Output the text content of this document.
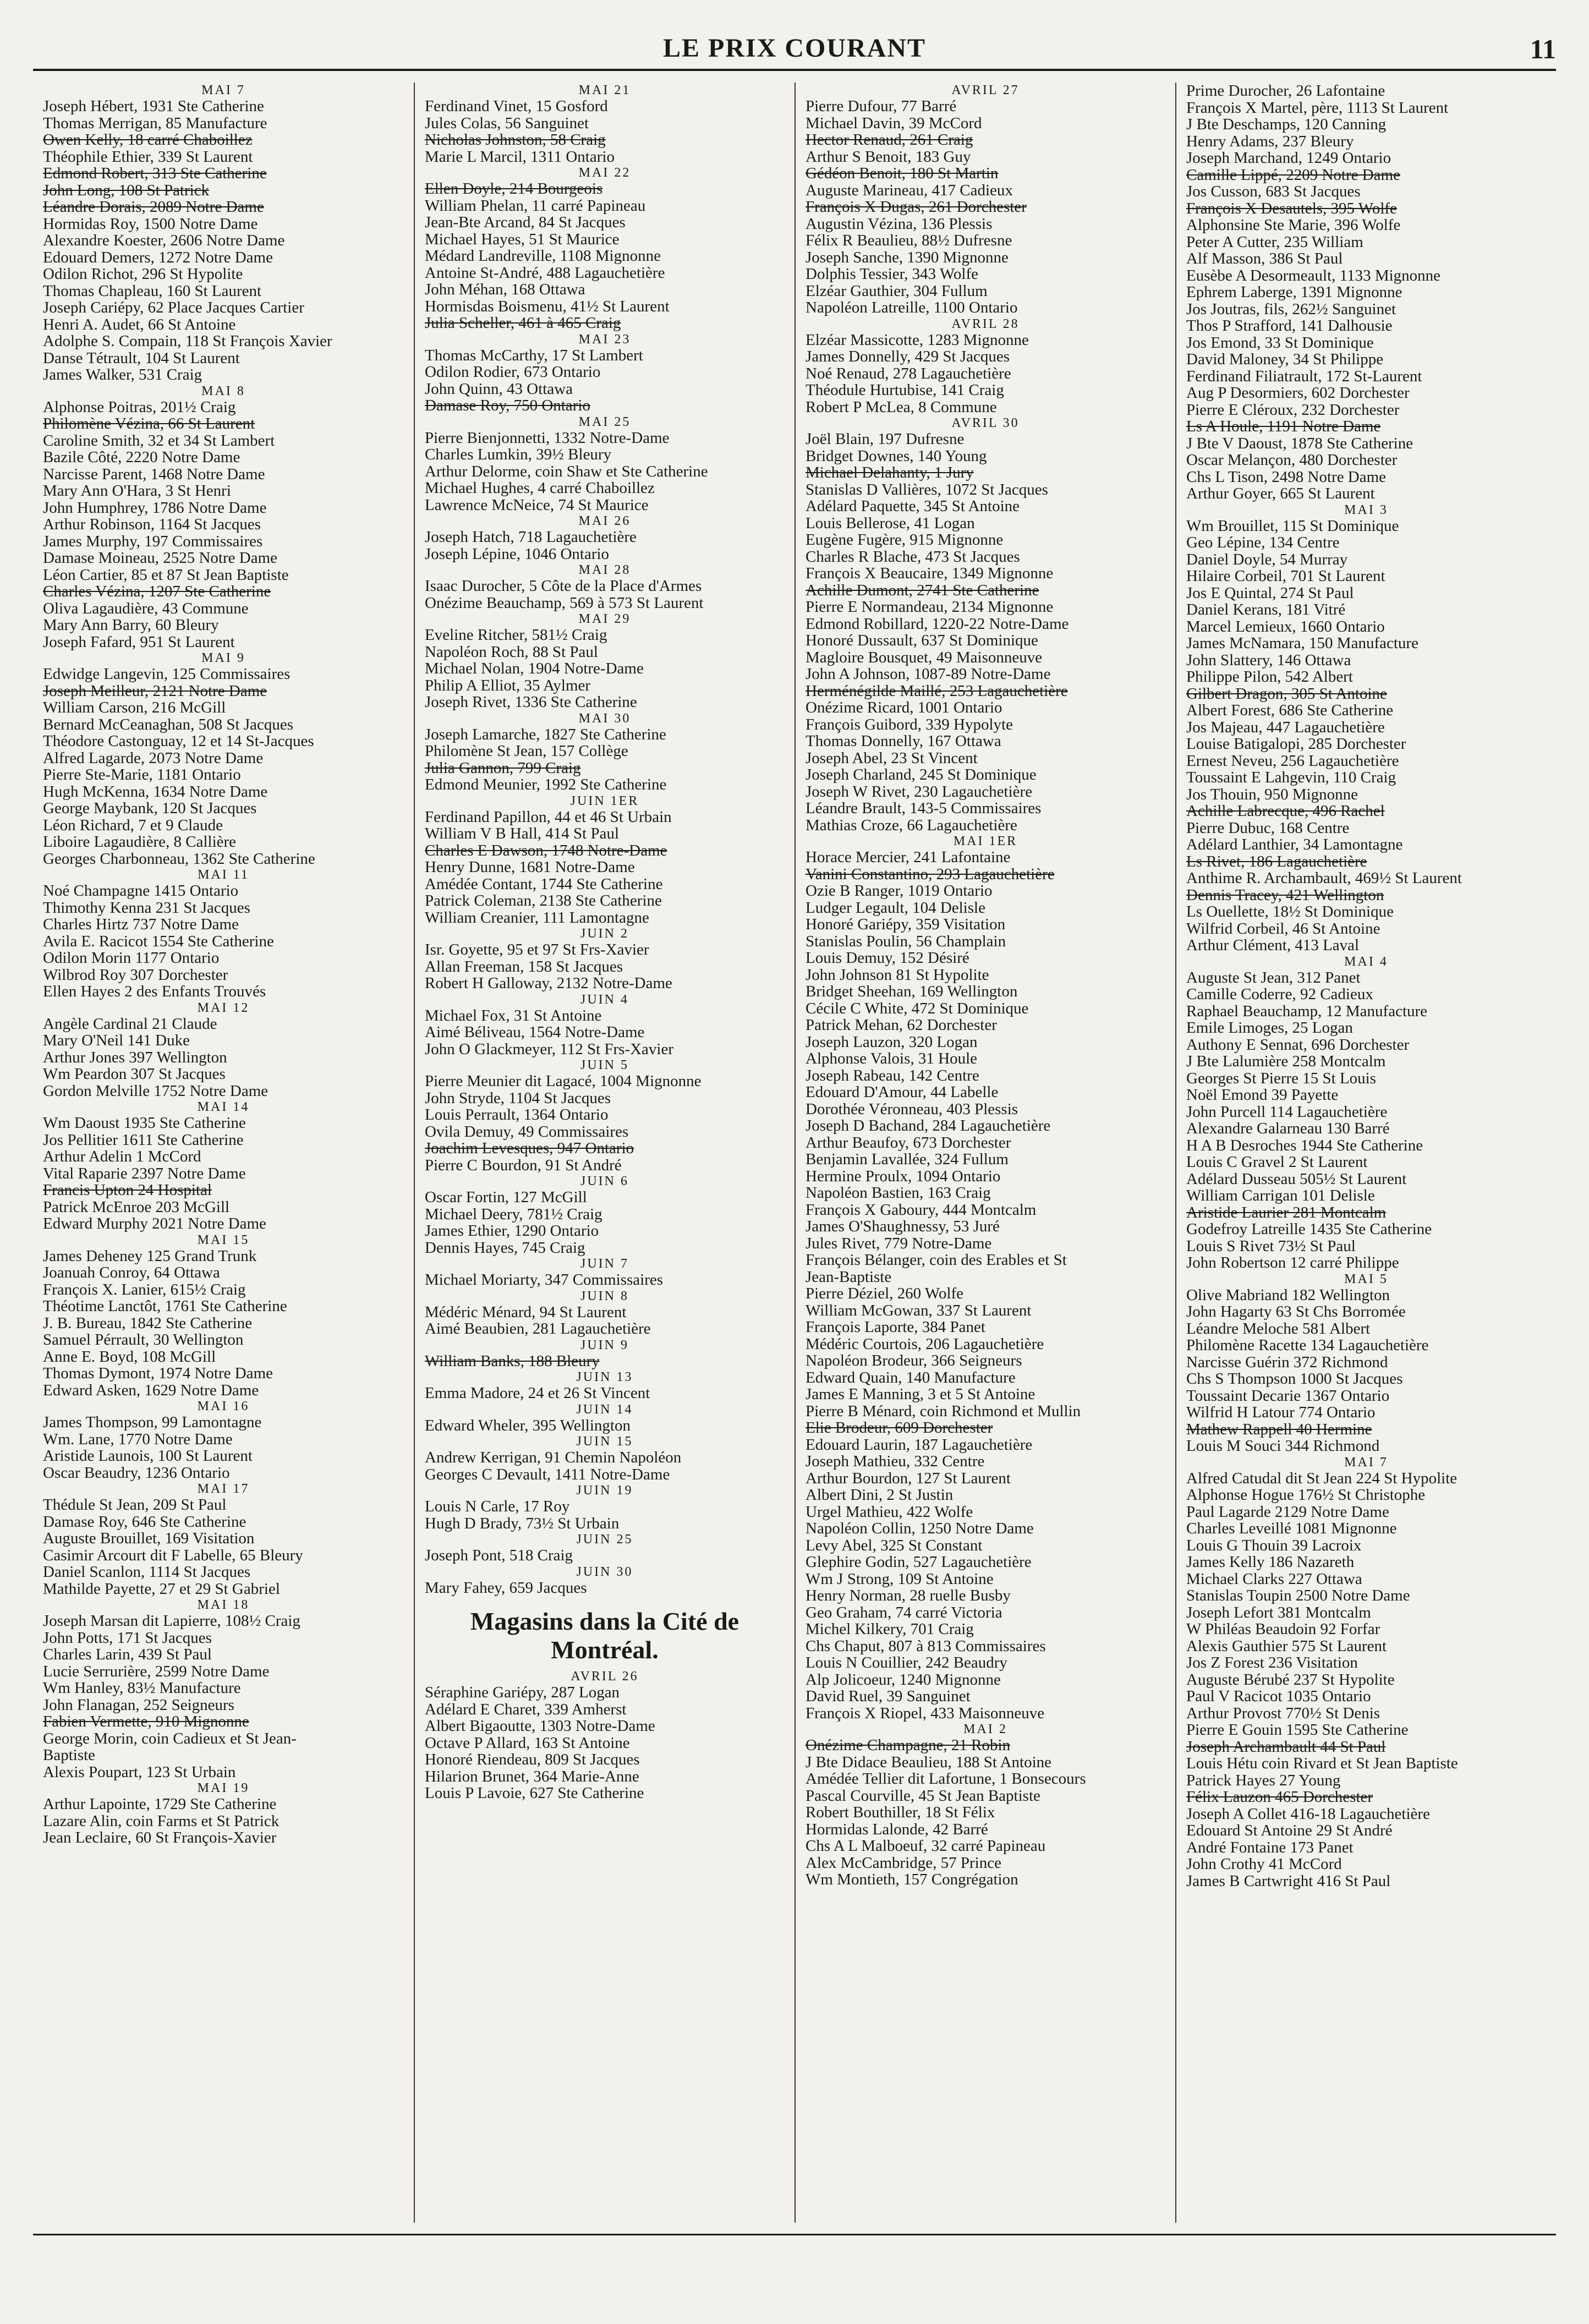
LE PRIX COURANT	11
MAI 7
Joseph Hébert, 1931 Ste Catherine
Thomas Merrigan, 85 Manufacture
Owen Kelly, 18 carré Chaboillez
Théophile Ethier, 339 St Laurent
Edmond Robert, 313 Ste Catherine
John Long, 108 St Patrick
Léandre Dorais, 2089 Notre Dame
Hormidas Roy, 1500 Notre Dame
Alexandre Koester, 2606 Notre Dame
Edouard Demers, 1272 Notre Dame
Odilon Richot, 296 St Hypolite
Thomas Chapleau, 160 St Laurent
Joseph Cariépy, 62 Place Jacques Cartier
Henri A. Audet, 66 St Antoine
Adolphe S. Compain, 118 St François Xavier
Danse Tétrault, 104 St Laurent
James Walker, 531 Craig
MAI 8
Alphonse Poitras, 201½ Craig
Philomène Vézina, 66 St Laurent
Caroline Smith, 32 et 34 St Lambert
Bazile Côté, 2220 Notre Dame
Narcisse Parent, 1468 Notre Dame
Mary Ann O'Hara, 3 St Henri
John Humphrey, 1786 Notre Dame
Arthur Robinson, 1164 St Jacques
James Murphy, 197 Commissaires
Damase Moineau, 2525 Notre Dame
Léon Cartier, 85 et 87 St Jean Baptiste
Charles Vézina, 1207 Ste Catherine
Oliva Lagaudière, 43 Commune
Mary Ann Barry, 60 Bleury
Joseph Fafard, 951 St Laurent
MAI 9
Edwidge Langevin, 125 Commissaires
Joseph Meilleur, 2121 Notre Dame
William Carson, 216 McGill
Bernard McCeanaghan, 508 St Jacques
Théodore Castonguay, 12 et 14 St-Jacques
Alfred Lagarde, 2073 Notre Dame
Pierre Ste-Marie, 1181 Ontario
Hugh McKenna, 1634 Notre Dame
George Maybank, 120 St Jacques
Léon Richard, 7 et 9 Claude
Liboire Lagaudière, 8 Callière
Georges Charbonneau, 1362 Ste Catherine
MAI 11
Noé Champagne 1415 Ontario
Thimothy Kenna 231 St Jacques
Charles Hirtz 737 Notre Dame
Avila E. Racicot 1554 Ste Catherine
Odilon Morin 1177 Ontario
Wilbrod Roy 307 Dorchester
Ellen Hayes 2 des Enfants Trouvés
MAI 12
Angèle Cardinal 21 Claude
Mary O'Neil 141 Duke
Arthur Jones 397 Wellington
Wm Peardon 307 St Jacques
Gordon Melville 1752 Notre Dame
MAI 14
Wm Daoust 1935 Ste Catherine
Jos Pellitier 1611 Ste Catherine
Arthur Adelin 1 McCord
Vital Raparie 2397 Notre Dame
Francis Upton 24 Hospital
Patrick McEnroe 203 McGill
Edward Murphy 2021 Notre Dame
MAI 15
James Deheney 125 Grand Trunk
Joanuah Conroy, 64 Ottawa
François X. Lanier, 615½ Craig
Théotime Lanctôt, 1761 Ste Catherine
J. B. Bureau, 1842 Ste Catherine
Samuel Pérrault, 30 Wellington
Anne E. Boyd, 108 McGill
Thomas Dymont, 1974 Notre Dame
Edward Asken, 1629 Notre Dame
MAI 16
James Thompson, 99 Lamontagne
Wm. Lane, 1770 Notre Dame
Aristide Launois, 100 St Laurent
Oscar Beaudry, 1236 Ontario
MAI 17
Thédule St Jean, 209 St Paul
Damase Roy, 646 Ste Catherine
Auguste Brouillet, 169 Visitation
Casimir Arcourt dit F Labelle, 65 Bleury
Daniel Scanlon, 1114 St Jacques
Mathilde Payette, 27 et 29 St Gabriel
MAI 18
Joseph Marsan dit Lapierre, 108½ Craig
John Potts, 171 St Jacques
Charles Larin, 439 St Paul
Lucie Serrurière, 2599 Notre Dame
Wm Hanley, 83½ Manufacture
John Flanagan, 252 Seigneurs
Fabien Vermette, 910 Mignonne
George Morin, coin Cadieux et St Jean-
Baptiste
Alexis Poupart, 123 St Urbain
MAI 19
Arthur Lapointe, 1729 Ste Catherine
Lazare Alin, coin Farms et St Patrick
Jean Leclaire, 60 St François-Xavier
MAI 21
Ferdinand Vinet, 15 Gosford
Jules Colas, 56 Sanguinet
Nicholas Johnston, 58 Craig
Marie L Marcil, 1311 Ontario
MAI 22
Ellen Doyle, 214 Bourgeois
William Phelan, 11 carré Papineau
Jean-Bte Arcand, 84 St Jacques
Michael Hayes, 51 St Maurice
Médard Landreville, 1108 Mignonne
Antoine St-André, 488 Lagauchetière
John Méhan, 168 Ottawa
Hormisdas Boismenu, 41½ St Laurent
Julia Scheller, 461 à 465 Craig
MAI 23
Thomas McCarthy, 17 St Lambert
Odilon Rodier, 673 Ontario
John Quinn, 43 Ottawa
Damase Roy, 750 Ontario
MAI 25
Pierre Bienjonnetti, 1332 Notre-Dame
Charles Lumkin, 39½ Bleury
Arthur Delorme, coin Shaw et Ste Catherine
Michael Hughes, 4 carré Chaboillez
Lawrence McNeice, 74 St Maurice
MAI 26
Joseph Hatch, 718 Lagauchetière
Joseph Lépine, 1046 Ontario
MAI 28
Isaac Durocher, 5 Côte de la Place d'Armes
Onézime Beauchamp, 569 à 573 St Laurent
MAI 29
Eveline Ritcher, 581½ Craig
Napoléon Roch, 88 St Paul
Michael Nolan, 1904 Notre-Dame
Philip A Elliot, 35 Aylmer
Joseph Rivet, 1336 Ste Catherine
MAI 30
Joseph Lamarche, 1827 Ste Catherine
Philomène St Jean, 157 Collège
Julia Gannon, 799 Craig
Edmond Meunier, 1992 Ste Catherine
JUIN 1ER
Ferdinand Papillon, 44 et 46 St Urbain
William V B Hall, 414 St Paul
Charles E Dawson, 1748 Notre-Dame
Henry Dunne, 1681 Notre-Dame
Amédée Contant, 1744 Ste Catherine
Patrick Coleman, 2138 Ste Catherine
William Creanier, 111 Lamontagne
JUIN 2
Isr. Goyette, 95 et 97 St Frs-Xavier
Allan Freeman, 158 St Jacques
Robert H Galloway, 2132 Notre-Dame
JUIN 4
Michael Fox, 31 St Antoine
Aimé Béliveau, 1564 Notre-Dame
John O Glackmeyer, 112 St Frs-Xavier
JUIN 5
Pierre Meunier dit Lagacé, 1004 Mignonne
John Stryde, 1104 St Jacques
Louis Perrault, 1364 Ontario
Ovila Demuy, 49 Commissaires
Joachim Levesques, 947 Ontario
Pierre C Bourdon, 91 St André
JUIN 6
Oscar Fortin, 127 McGill
Michael Deery, 781½ Craig
James Ethier, 1290 Ontario
Dennis Hayes, 745 Craig
JUIN 7
Michael Moriarty, 347 Commissaires
JUIN 8
Médéric Ménard, 94 St Laurent
Aimé Beaubien, 281 Lagauchetière
JUIN 9
William Banks, 188 Bleury
JUIN 13
Emma Madore, 24 et 26 St Vincent
JUIN 14
Edward Wheler, 395 Wellington
JUIN 15
Andrew Kerrigan, 91 Chemin Napoléon
Georges C Devault, 1411 Notre-Dame
JUIN 19
Louis N Carle, 17 Roy
Hugh D Brady, 73½ St Urbain
JUIN 25
Joseph Pont, 518 Craig
JUIN 30
Mary Fahey, 659 Jacques
Magasins dans la Cité de Montréal.
AVRIL 26
Séraphine Gariépy, 287 Logan
Adélard E Charet, 339 Amherst
Albert Bigaoutte, 1303 Notre-Dame
Octave P Allard, 163 St Antoine
Honoré Riendeau, 809 St Jacques
Hilarion Brunet, 364 Marie-Anne
Louis P Lavoie, 627 Ste Catherine
AVRIL 27
Pierre Dufour, 77 Barré
Michael Davin, 39 McCord
Hector Renaud, 261 Craig
Arthur S Benoit, 183 Guy
Gédéon Benoit, 180 St Martin
Auguste Marineau, 417 Cadieux
François X Dugas, 261 Dorchester
Augustin Vézina, 136 Plessis
Félix R Beaulieu, 88½ Dufresne
Joseph Sanche, 1390 Mignonne
Dolphis Tessier, 343 Wolfe
Elzéar Gauthier, 304 Fullum
Napoléon Latreille, 1100 Ontario
AVRIL 28
Elzéar Massicotte, 1283 Mignonne
James Donnelly, 429 St Jacques
Noé Renaud, 278 Lagauchetière
Théodule Hurtubise, 141 Craig
Robert P McLea, 8 Commune
AVRIL 30
Joël Blain, 197 Dufresne
Bridget Downes, 140 Young
Michael Delahanty, 1 Jury
Stanislas D Vallières, 1072 St Jacques
Adélard Paquette, 345 St Antoine
Louis Bellerose, 41 Logan
Eugène Fugère, 915 Mignonne
Charles R Blache, 473 St Jacques
François X Beaucaire, 1349 Mignonne
Achille Dumont, 2741 Ste Catherine
Pierre E Normandeau, 2134 Mignonne
Edmond Robillard, 1220-22 Notre-Dame
Honoré Dussault, 637 St Dominique
Magloire Bousquet, 49 Maisonneuve
John A Johnson, 1087-89 Notre-Dame
Herménégilde Maillé, 253 Lagauchetière
Onézime Ricard, 1001 Ontario
François Guibord, 339 Hypolyte
Thomas Donnelly, 167 Ottawa
Joseph Abel, 23 St Vincent
Joseph Charland, 245 St Dominique
Joseph W Rivet, 230 Lagauchetière
Léandre Brault, 143-5 Commissaires
Mathias Croze, 66 Lagauchetière
MAI 1ER
Horace Mercier, 241 Lafontaine
Vanini Constantino, 293 Lagauchetière
Ozie B Ranger, 1019 Ontario
Ludger Legault, 104 Delisle
Honoré Gariépy, 359 Visitation
Stanislas Poulin, 56 Champlain
Louis Demuy, 152 Désiré
John Johnson 81 St Hypolite
Bridget Sheehan, 169 Wellington
Cécile C White, 472 St Dominique
Patrick Mehan, 62 Dorchester
Joseph Lauzon, 320 Logan
Alphonse Valois, 31 Houle
Joseph Rabeau, 142 Centre
Edouard D'Amour, 44 Labelle
Dorothée Véronneau, 403 Plessis
Joseph D Bachand, 284 Lagauchetière
Arthur Beaufoy, 673 Dorchester
Benjamin Lavallée, 324 Fullum
Hermine Proulx, 1094 Ontario
Napoléon Bastien, 163 Craig
François X Gaboury, 444 Montcalm
James O'Shaughnessy, 53 Juré
Jules Rivet, 779 Notre-Dame
François Bélanger, coin des Erables et St
Jean-Baptiste
Pierre Déziel, 260 Wolfe
William McGowan, 337 St Laurent
François Laporte, 384 Panet
Médéric Courtois, 206 Lagauchetière
Napoléon Brodeur, 366 Seigneurs
Edward Quain, 140 Manufacture
James E Manning, 3 et 5 St Antoine
Pierre B Ménard, coin Richmond et Mullin
Elie Brodeur, 609 Dorchester
Edouard Laurin, 187 Lagauchetière
Joseph Mathieu, 332 Centre
Arthur Bourdon, 127 St Laurent
Albert Dini, 2 St Justin
Urgel Mathieu, 422 Wolfe
Napoléon Collin, 1250 Notre Dame
Levy Abel, 325 St Constant
Glephire Godin, 527 Lagauchetière
Wm J Strong, 109 St Antoine
Henry Norman, 28 ruelle Busby
Geo Graham, 74 carré Victoria
Michel Kilkery, 701 Craig
Chs Chaput, 807 à 813 Commissaires
Louis N Couillier, 242 Beaudry
Alp Jolicoeur, 1240 Mignonne
David Ruel, 39 Sanguinet
François X Riopel, 433 Maisonneuve
MAI 2
Onézime Champagne, 21 Robin
J Bte Didace Beaulieu, 188 St Antoine
Amédée Tellier dit Lafortune, 1 Bonsecours
Pascal Courville, 45 St Jean Baptiste
Robert Bouthiller, 18 St Félix
Hormidas Lalonde, 42 Barré
Chs A L Malboeuf, 32 carré Papineau
Alex McCambridge, 57 Prince
Wm Montieth, 157 Congrégation
Prime Durocher, 26 Lafontaine
François X Martel, père, 1113 St Laurent
J Bte Deschamps, 120 Canning
Henry Adams, 237 Bleury
Joseph Marchand, 1249 Ontario
Camille Lippé, 2209 Notre Dame
Jos Cusson, 683 St Jacques
François X Desautels, 395 Wolfe
Alphonsine Ste Marie, 396 Wolfe
Peter A Cutter, 235 William
Alf Masson, 386 St Paul
Eusèbe A Desormeault, 1133 Mignonne
Ephrem Laberge, 1391 Mignonne
Jos Joutras, fils, 262½ Sanguinet
Thos P Strafford, 141 Dalhousie
Jos Emond, 33 St Dominique
David Maloney, 34 St Philippe
Ferdinand Filiatrault, 172 St-Laurent
Aug P Desormiers, 602 Dorchester
Pierre E Cléroux, 232 Dorchester
Ls A Houle, 1191 Notre Dame
J Bte V Daoust, 1878 Ste Catherine
Oscar Melançon, 480 Dorchester
Chs L Tison, 2498 Notre Dame
Arthur Goyer, 665 St Laurent
MAI 3
Wm Brouillet, 115 St Dominique
Geo Lépine, 134 Centre
Daniel Doyle, 54 Murray
Hilaire Corbeil, 701 St Laurent
Jos E Quintal, 274 St Paul
Daniel Kerans, 181 Vitré
Marcel Lemieux, 1660 Ontario
James McNamara, 150 Manufacture
John Slattery, 146 Ottawa
Philippe Pilon, 542 Albert
Gilbert Dragon, 305 St Antoine
Albert Forest, 686 Ste Catherine
Jos Majeau, 447 Lagauchetière
Louise Batigalopi, 285 Dorchester
Ernest Neveu, 256 Lagauchetière
Toussaint E Lahgevin, 110 Craig
Jos Thouin, 950 Mignonne
Achille Labrecque, 496 Rachel
Pierre Dubuc, 168 Centre
Adélard Lanthier, 34 Lamontagne
Ls Rivet, 186 Lagauchetière
Anthime R. Archambault, 469½ St Laurent
Dennis Tracey, 421 Wellington
Ls Ouellette, 18½ St Dominique
Wilfrid Corbeil, 46 St Antoine
Arthur Clément, 413 Laval
MAI 4
Auguste St Jean, 312 Panet
Camille Coderre, 92 Cadieux
Raphael Beauchamp, 12 Manufacture
Emile Limoges, 25 Logan
Authony E Sennat, 696 Dorchester
J Bte Lalumière 258 Montcalm
Georges St Pierre 15 St Louis
Noël Emond 39 Payette
John Purcell 114 Lagauchetière
Alexandre Galarneau 130 Barré
H A B Desroches 1944 Ste Catherine
Louis C Gravel 2 St Laurent
Adélard Dusseau 505½ St Laurent
William Carrigan 101 Delisle
Aristide Laurier 281 Montcalm
Godefroy Latreille 1435 Ste Catherine
Louis S Rivet 73½ St Paul
John Robertson 12 carré Philippe
MAI 5
Olive Mabriand 182 Wellington
John Hagarty 63 St Chs Borromée
Léandre Meloche 581 Albert
Philomène Racette 134 Lagauchetière
Narcisse Guérin 372 Richmond
Chs S Thompson 1000 St Jacques
Toussaint Decarie 1367 Ontario
Wilfrid H Latour 774 Ontario
Mathew Rappell 40 Hermine
Louis M Souci 344 Richmond
MAI 7
Alfred Catudal dit St Jean 224 St Hypolite
Alphonse Hogue 176½ St Christophe
Paul Lagarde 2129 Notre Dame
Charles Leveillé 1081 Mignonne
Louis G Thouin 39 Lacroix
James Kelly 186 Nazareth
Michael Clarks 227 Ottawa
Stanislas Toupin 2500 Notre Dame
Joseph Lefort 381 Montcalm
W Philéas Beaudoin 92 Forfar
Alexis Gauthier 575 St Laurent
Jos Z Forest 236 Visitation
Auguste Bérubé 237 St Hypolite
Paul V Racicot 1035 Ontario
Arthur Provost 770½ St Denis
Pierre E Gouin 1595 Ste Catherine
Joseph Archambault 44 St Paul
Louis Hétu coin Rivard et St Jean Baptiste
Patrick Hayes 27 Young
Félix Lauzon 465 Dorchester
Joseph A Collet 416-18 Lagauchetière
Edouard St Antoine 29 St André
André Fontaine 173 Panet
John Crothy 41 McCord
James B Cartwright 416 St Paul
